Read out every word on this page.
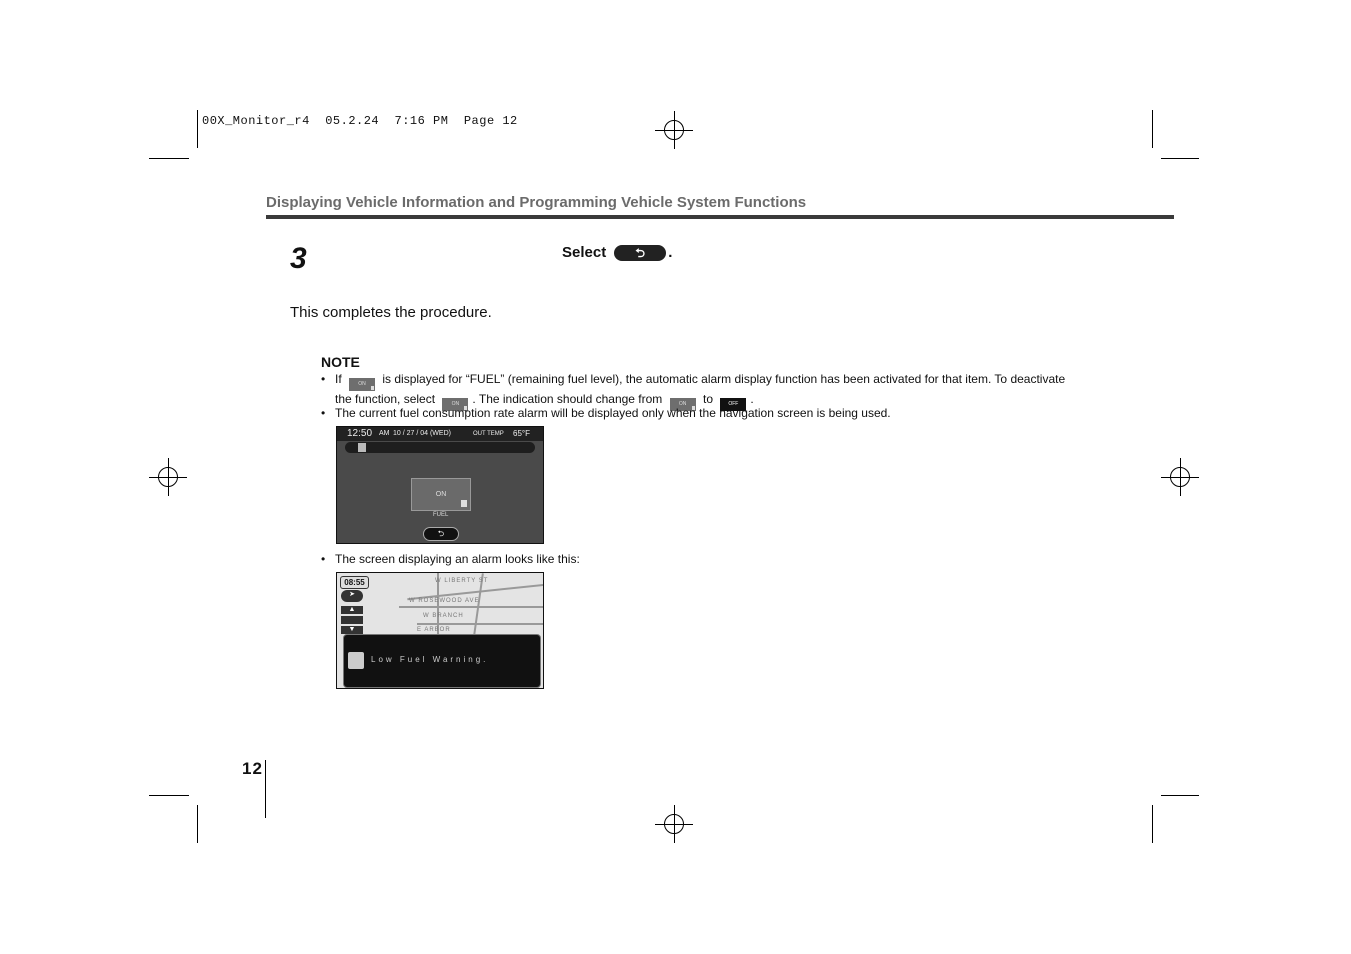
00X_Monitor_r4  05.2.24  7:16 PM  Page 12
Displaying Vehicle Information and Programming Vehicle System Functions
3	Select	⮌	.
This completes the procedure.
NOTE
• If	ON is displayed for “FUEL” (remaining fuel level), the automatic alarm display function has been activated for that item. To deactivate the function, select	ON . The indication should change from	ON to	OFF .
• The current fuel consumption rate alarm will be displayed only when the navigation screen is being used.
12:50 AM 10 / 27 / 04 (WED)	OUT TEMP 65°F
ON
FUEL
⮌
• The screen displaying an alarm looks like this:
W LIBERTY ST
W ROSEWOOD AVE
W BRANCH
E ARBOR
08:55
➤
▲
▼
Low Fuel Warning.
12
